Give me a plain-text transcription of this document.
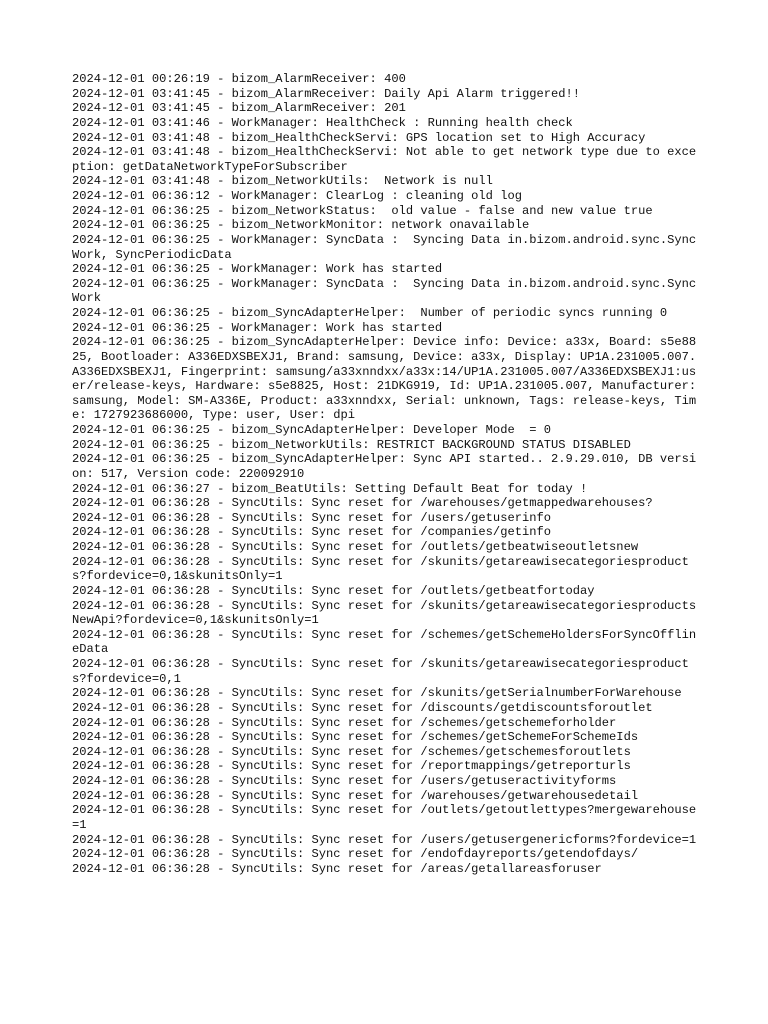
2024-12-01 00:26:19 - bizom_AlarmReceiver: 400
2024-12-01 03:41:45 - bizom_AlarmReceiver: Daily Api Alarm triggered!!
2024-12-01 03:41:45 - bizom_AlarmReceiver: 201
2024-12-01 03:41:46 - WorkManager: HealthCheck : Running health check
2024-12-01 03:41:48 - bizom_HealthCheckServi: GPS location set to High Accuracy
2024-12-01 03:41:48 - bizom_HealthCheckServi: Not able to get network type due to exception: getDataNetworkTypeForSubscriber
2024-12-01 03:41:48 - bizom_NetworkUtils:  Network is null
2024-12-01 06:36:12 - WorkManager: ClearLog : cleaning old log
2024-12-01 06:36:25 - bizom_NetworkStatus:  old value - false and new value true
2024-12-01 06:36:25 - bizom_NetworkMonitor: network onavailable
2024-12-01 06:36:25 - WorkManager: SyncData :  Syncing Data in.bizom.android.sync.SyncWork, SyncPeriodicData
2024-12-01 06:36:25 - WorkManager: Work has started
2024-12-01 06:36:25 - WorkManager: SyncData :  Syncing Data in.bizom.android.sync.SyncWork
2024-12-01 06:36:25 - bizom_SyncAdapterHelper:  Number of periodic syncs running 0
2024-12-01 06:36:25 - WorkManager: Work has started
2024-12-01 06:36:25 - bizom_SyncAdapterHelper: Device info: Device: a33x, Board: s5e8825, Bootloader: A336EDXSBEXJ1, Brand: samsung, Device: a33x, Display: UP1A.231005.007.A336EDXSBEXJ1, Fingerprint: samsung/a33xnndxx/a33x:14/UP1A.231005.007/A336EDXSBEXJ1:user/release-keys, Hardware: s5e8825, Host: 21DKG919, Id: UP1A.231005.007, Manufacturer: samsung, Model: SM-A336E, Product: a33xnndxx, Serial: unknown, Tags: release-keys, Time: 1727923686000, Type: user, User: dpi
2024-12-01 06:36:25 - bizom_SyncAdapterHelper: Developer Mode  = 0
2024-12-01 06:36:25 - bizom_NetworkUtils: RESTRICT BACKGROUND STATUS DISABLED
2024-12-01 06:36:25 - bizom_SyncAdapterHelper: Sync API started.. 2.9.29.010, DB version: 517, Version code: 220092910
2024-12-01 06:36:27 - bizom_BeatUtils: Setting Default Beat for today !
2024-12-01 06:36:28 - SyncUtils: Sync reset for /warehouses/getmappedwarehouses?
2024-12-01 06:36:28 - SyncUtils: Sync reset for /users/getuserinfo
2024-12-01 06:36:28 - SyncUtils: Sync reset for /companies/getinfo
2024-12-01 06:36:28 - SyncUtils: Sync reset for /outlets/getbeatwiseoutletsnew
2024-12-01 06:36:28 - SyncUtils: Sync reset for /skunits/getareawisecategoriesproducts?fordevice=0,1&skunitsOnly=1
2024-12-01 06:36:28 - SyncUtils: Sync reset for /outlets/getbeatfortoday
2024-12-01 06:36:28 - SyncUtils: Sync reset for /skunits/getareawisecategoriesproductsNewApi?fordevice=0,1&skunitsOnly=1
2024-12-01 06:36:28 - SyncUtils: Sync reset for /schemes/getSchemeHoldersForSyncOfflineData
2024-12-01 06:36:28 - SyncUtils: Sync reset for /skunits/getareawisecategoriesproducts?fordevice=0,1
2024-12-01 06:36:28 - SyncUtils: Sync reset for /skunits/getSerialnumberForWarehouse
2024-12-01 06:36:28 - SyncUtils: Sync reset for /discounts/getdiscountsforoutlet
2024-12-01 06:36:28 - SyncUtils: Sync reset for /schemes/getschemeforholder
2024-12-01 06:36:28 - SyncUtils: Sync reset for /schemes/getSchemeForSchemeIds
2024-12-01 06:36:28 - SyncUtils: Sync reset for /schemes/getschemesforoutlets
2024-12-01 06:36:28 - SyncUtils: Sync reset for /reportmappings/getreporturls
2024-12-01 06:36:28 - SyncUtils: Sync reset for /users/getuseractivityforms
2024-12-01 06:36:28 - SyncUtils: Sync reset for /warehouses/getwarehousedetail
2024-12-01 06:36:28 - SyncUtils: Sync reset for /outlets/getoutlettypes?mergewarehouse=1
2024-12-01 06:36:28 - SyncUtils: Sync reset for /users/getusergenericforms?fordevice=1
2024-12-01 06:36:28 - SyncUtils: Sync reset for /endofdayreports/getendofdays/
2024-12-01 06:36:28 - SyncUtils: Sync reset for /areas/getallareasforuser
